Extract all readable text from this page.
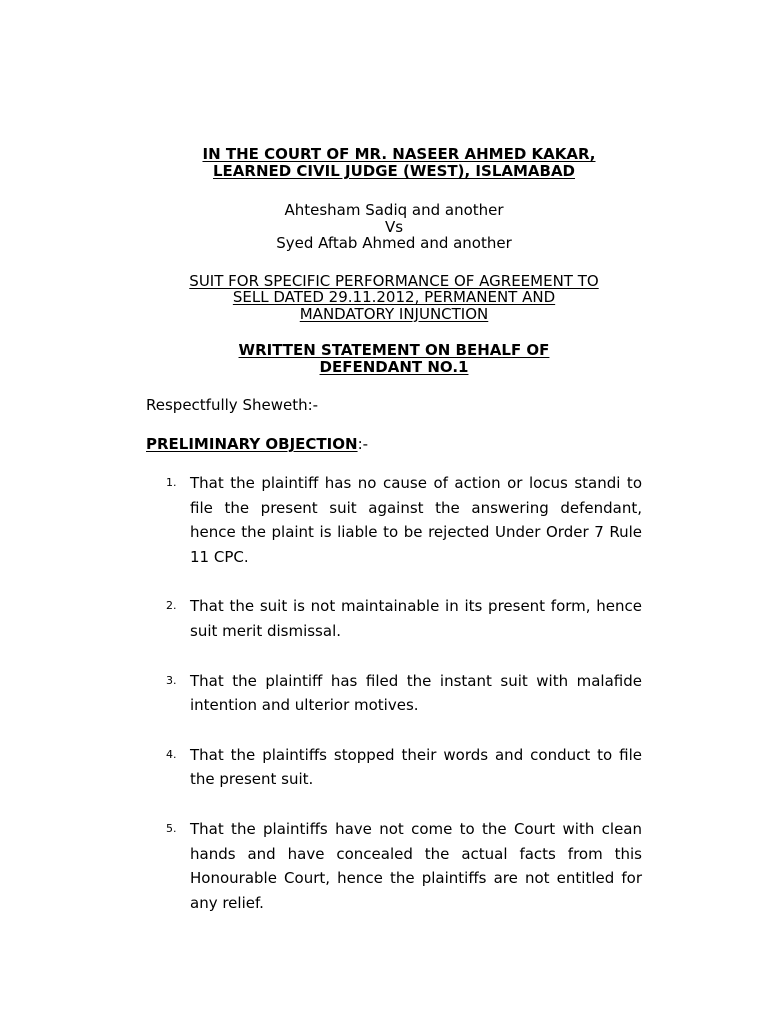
IN THE COURT OF MR. NASEER AHMED KAKAR,
LEARNED CIVIL JUDGE (WEST), ISLAMABAD
Ahtesham Sadiq and another
Vs
Syed Aftab Ahmed and another
SUIT FOR SPECIFIC PERFORMANCE OF AGREEMENT TO
SELL DATED 29.11.2012, PERMANENT AND
MANDATORY INJUNCTION
WRITTEN STATEMENT ON BEHALF OF
DEFENDANT NO.1
Respectfully Sheweth:-
PRELIMINARY OBJECTION:-
1. That the plaintiff has no cause of action or locus standi to file the present suit against the answering defendant, hence the plaint is liable to be rejected Under Order 7 Rule 11 CPC.
2. That the suit is not maintainable in its present form, hence suit merit dismissal.
3. That the plaintiff has filed the instant suit with malafide intention and ulterior motives.
4. That the plaintiffs stopped their words and conduct to file the present suit.
5. That the plaintiffs have not come to the Court with clean hands and have concealed the actual facts from this Honourable Court, hence the plaintiffs are not entitled for any relief.
